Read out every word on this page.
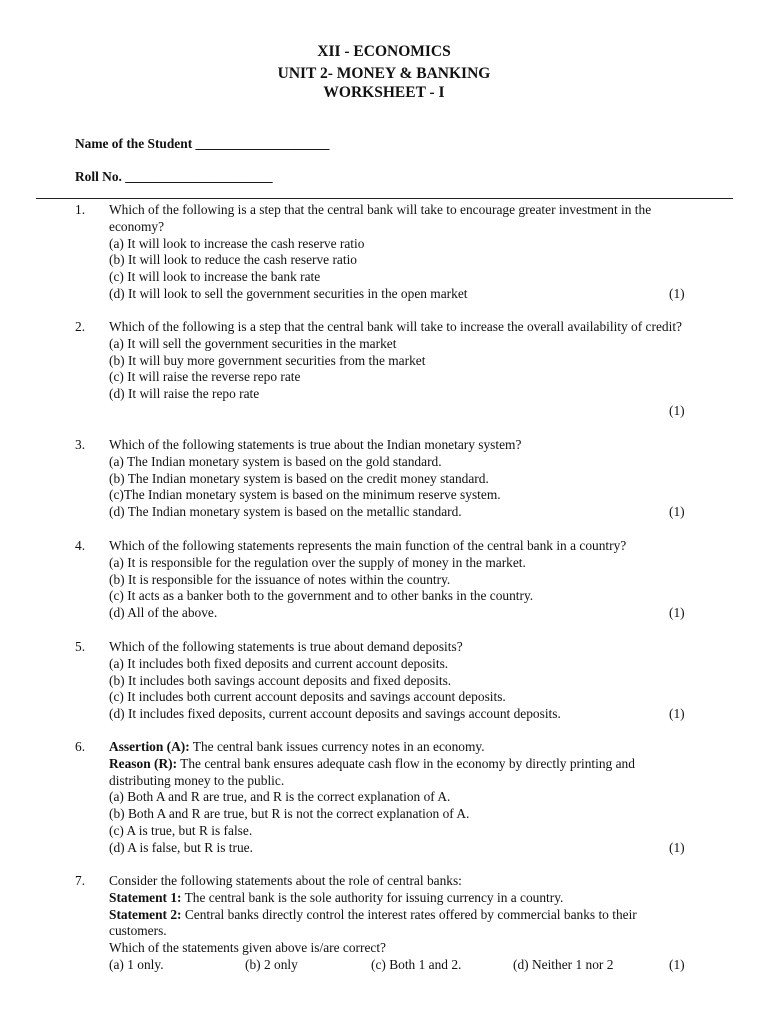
XII - ECONOMICS
UNIT 2- MONEY & BANKING
WORKSHEET - I
Name of the Student ____________________
Roll No. ______________________
1. Which of the following is a step that the central bank will take to encourage greater investment in the economy?
(a) It will look to increase the cash reserve ratio
(b) It will look to reduce the cash reserve ratio
(c) It will look to increase the bank rate
(d) It will look to sell the government securities in the open market	(1)
2. Which of the following is a step that the central bank will take to increase the overall availability of credit?
(a) It will sell the government securities in the market
(b) It will buy more government securities from the market
(c) It will raise the reverse repo rate
(d) It will raise the repo rate
(1)
3. Which of the following statements is true about the Indian monetary system?
(a) The Indian monetary system is based on the gold standard.
(b) The Indian monetary system is based on the credit money standard.
(c)The Indian monetary system is based on the minimum reserve system.
(d) The Indian monetary system is based on the metallic standard.	(1)
4. Which of the following statements represents the main function of the central bank in a country?
(a) It is responsible for the regulation over the supply of money in the market.
(b) It is responsible for the issuance of notes within the country.
(c) It acts as a banker both to the government and to other banks in the country.
(d) All of the above.	(1)
5. Which of the following statements is true about demand deposits?
(a) It includes both fixed deposits and current account deposits.
(b) It includes both savings account deposits and fixed deposits.
(c) It includes both current account deposits and savings account deposits.
(d) It includes fixed deposits, current account deposits and savings account deposits.	(1)
6. Assertion (A): The central bank issues currency notes in an economy.
Reason (R): The central bank ensures adequate cash flow in the economy by directly printing and distributing money to the public.
(a) Both A and R are true, and R is the correct explanation of A.
(b) Both A and R are true, but R is not the correct explanation of A.
(c) A is true, but R is false.
(d) A is false, but R is true.	(1)
7. Consider the following statements about the role of central banks:
Statement 1: The central bank is the sole authority for issuing currency in a country.
Statement 2: Central banks directly control the interest rates offered by commercial banks to their customers.
Which of the statements given above is/are correct?
(a) 1 only.	(b) 2 only	(c) Both 1 and 2.	(d) Neither 1 nor 2	(1)
